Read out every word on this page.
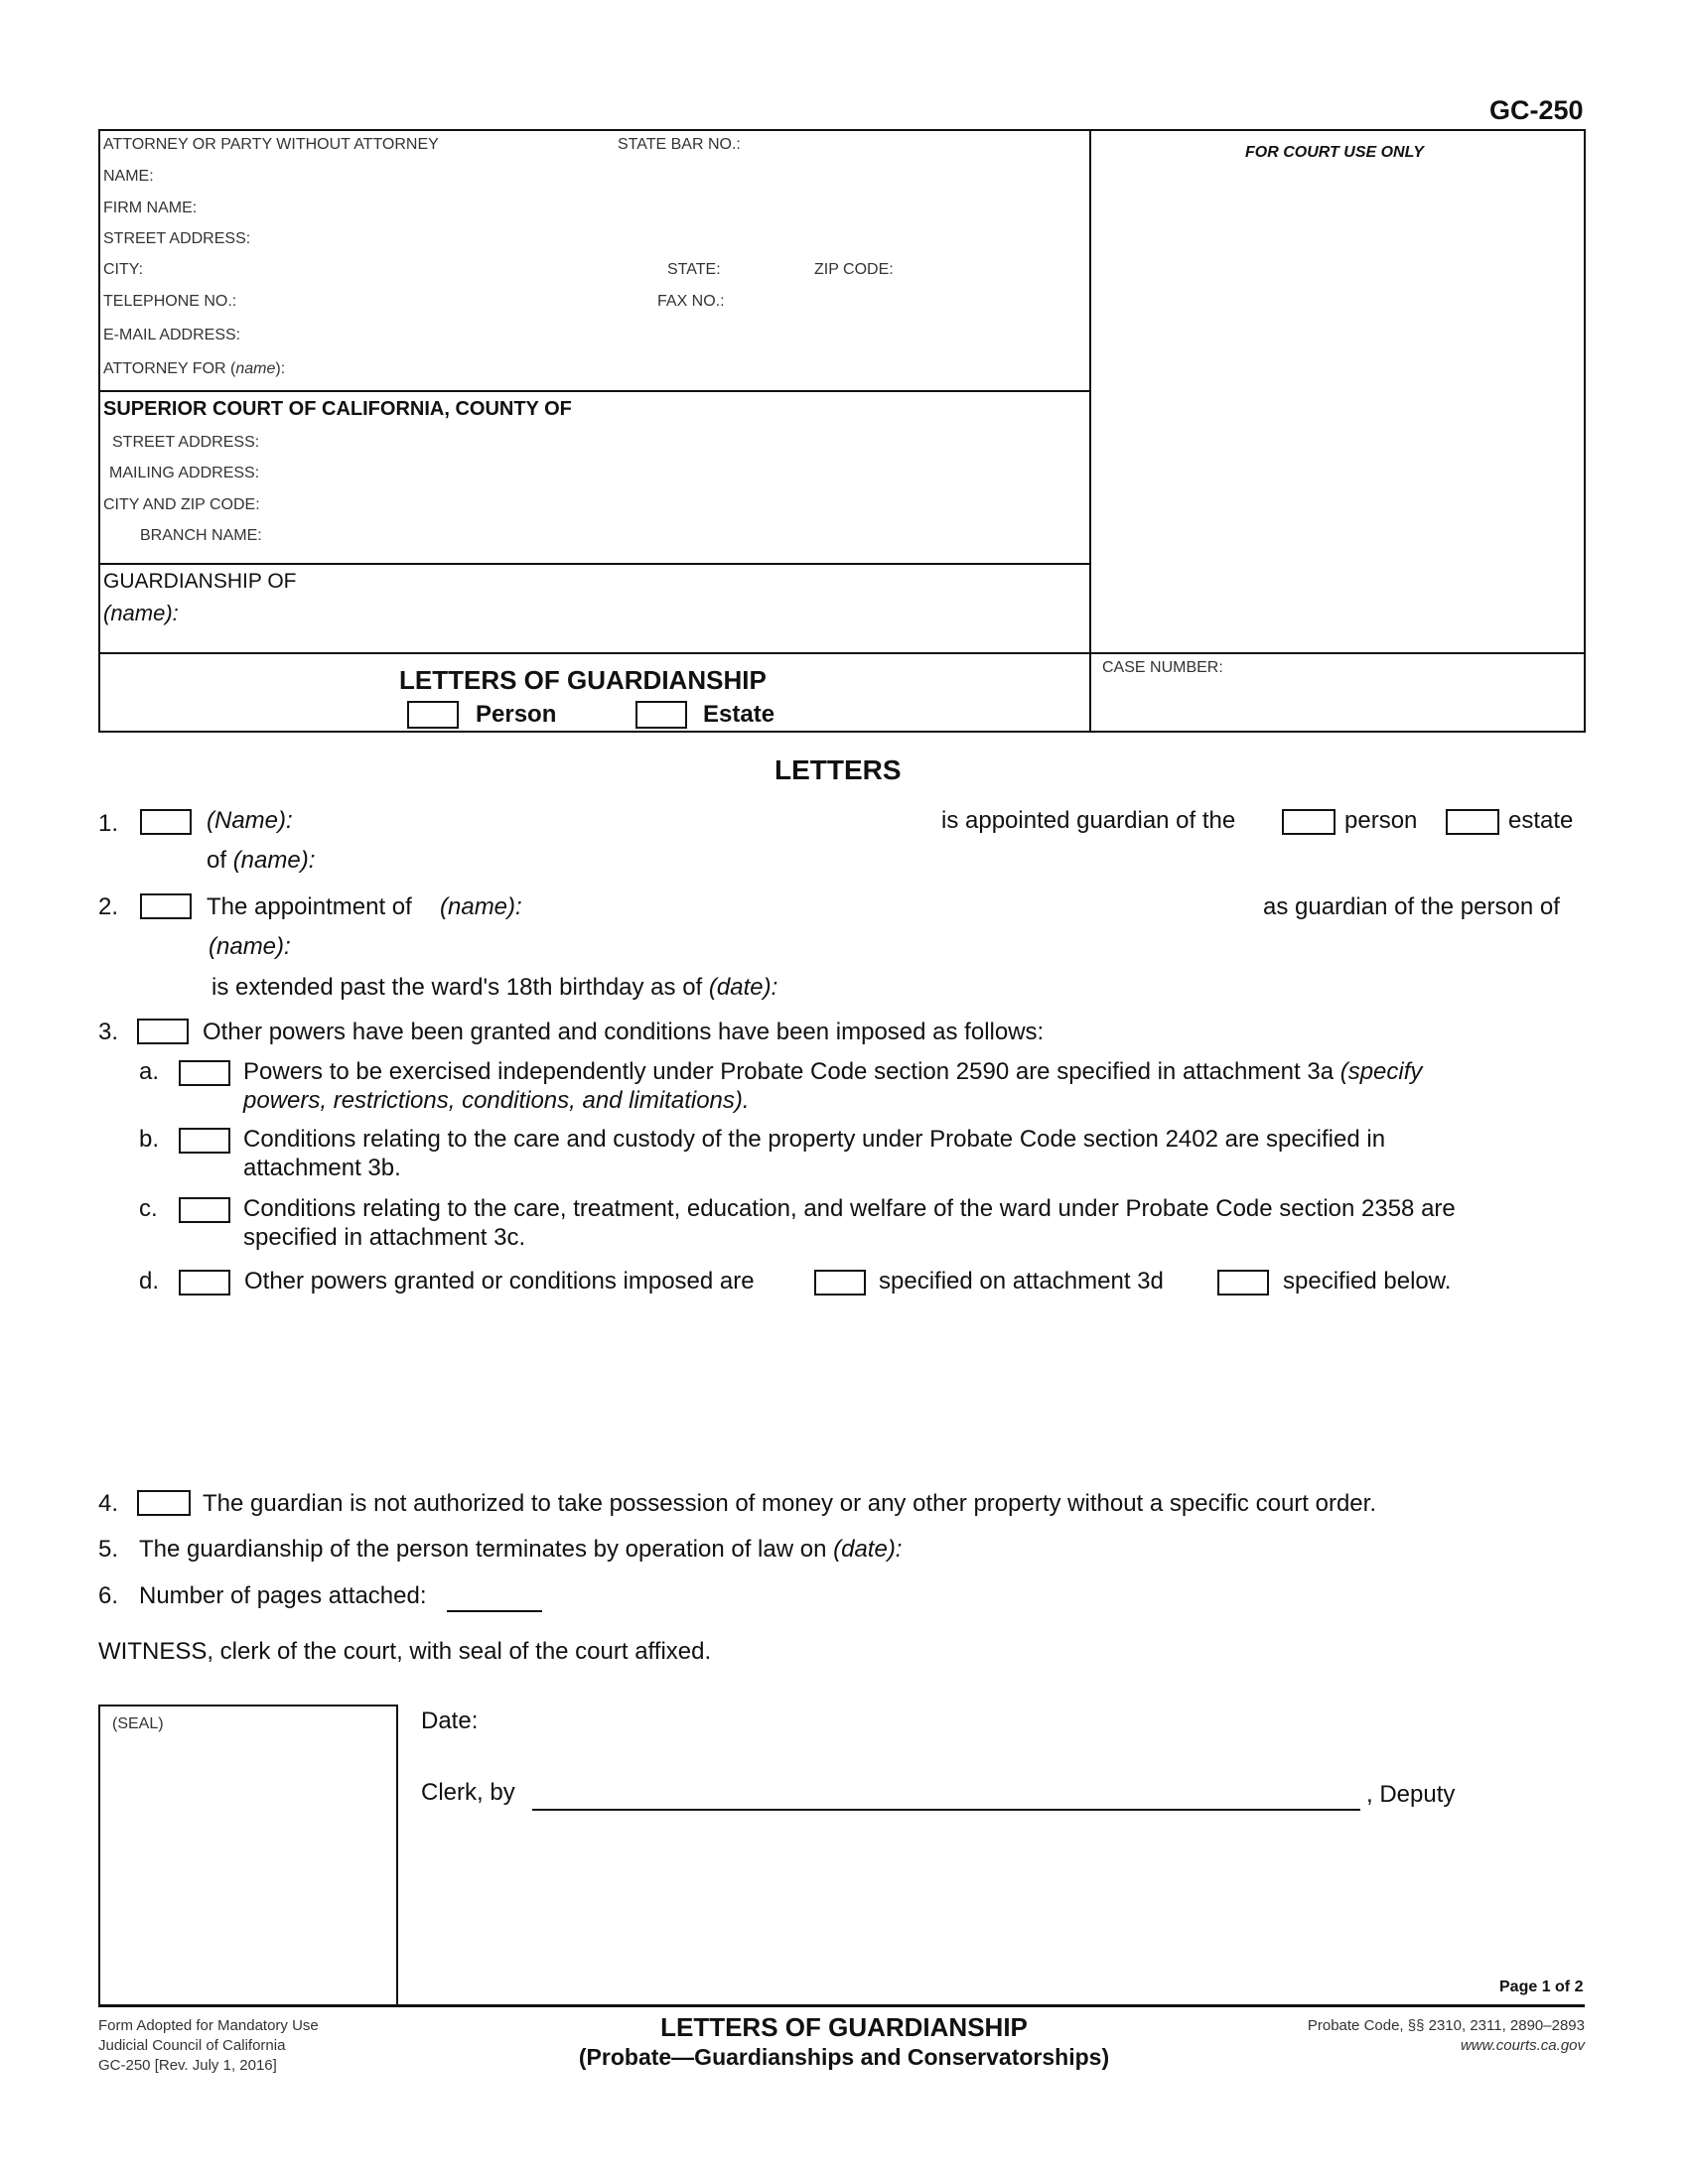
GC-250
ATTORNEY OR PARTY WITHOUT ATTORNEY	STATE BAR NO.:
NAME:
FIRM NAME:
STREET ADDRESS:
CITY:	STATE:	ZIP CODE:
TELEPHONE NO.:	FAX NO.:
E-MAIL ADDRESS:
ATTORNEY FOR (name):
FOR COURT USE ONLY
SUPERIOR COURT OF CALIFORNIA, COUNTY OF
STREET ADDRESS:
MAILING ADDRESS:
CITY AND ZIP CODE:
BRANCH NAME:
GUARDIANSHIP OF
(name):
LETTERS OF GUARDIANSHIP
Person	Estate
CASE NUMBER:
LETTERS
1.	(Name):	is appointed guardian of the	person	estate
of (name):
2.	The appointment of (name):	as guardian of the person of
(name):
is extended past the ward's 18th birthday as of (date):
3.	Other powers have been granted and conditions have been imposed as follows:
a.	Powers to be exercised independently under Probate Code section 2590 are specified in attachment 3a (specify
powers, restrictions, conditions, and limitations).
b.	Conditions relating to the care and custody of the property under Probate Code section 2402 are specified in
attachment 3b.
c.	Conditions relating to the care, treatment, education, and welfare of the ward under Probate Code section 2358 are
specified in attachment 3c.
d.	Other powers granted or conditions imposed are	specified on attachment 3d	specified below.
4.	The guardian is not authorized to take possession of money or any other property without a specific court order.
5. The guardianship of the person terminates by operation of law on (date):
6. Number of pages attached:
WITNESS, clerk of the court, with seal of the court affixed.
(SEAL)	Date:
Clerk, by	, Deputy
Page 1 of 2
Form Adopted for Mandatory Use
Judicial Council of California
GC-250 [Rev. July 1, 2016]
LETTERS OF GUARDIANSHIP
(Probate—Guardianships and Conservatorships)
Probate Code, §§ 2310, 2311, 2890–2893
www.courts.ca.gov
